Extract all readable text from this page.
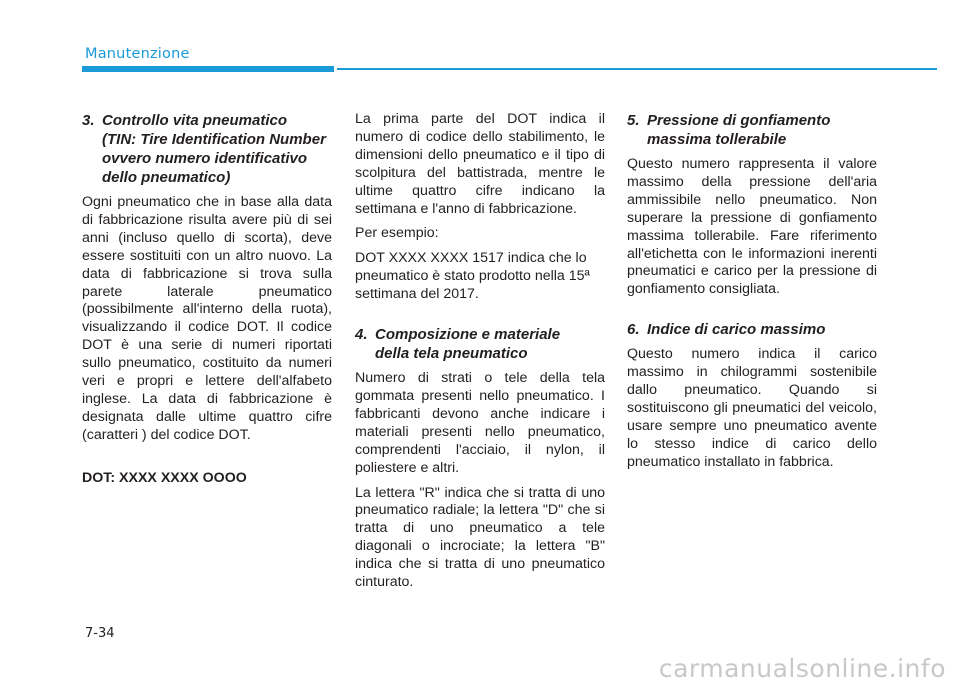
Manutenzione
3. Controllo vita pneumatico
(TIN: Tire Identification Number
ovvero numero identificativo
dello pneumatico)

Ogni pneumatico che in base alla data di fabbricazione risulta avere più di sei anni (incluso quello di scorta), deve essere sostituiti con un altro nuovo. La data di fabbricazione si trova sulla parete laterale pneumatico (possibilmente all'interno della ruota), visualizzando il codice DOT. Il codice DOT è una serie di numeri riportati sullo pneumatico, costituito da numeri veri e propri e lettere dell'alfabeto inglese. La data di fabbricazione è designata dalle ultime quattro cifre (caratteri ) del codice DOT.

DOT: XXXX XXXX OOOO

La prima parte del DOT indica il numero di codice dello stabilimento, le dimensioni dello pneumatico e il tipo di scolpitura del battistrada, mentre le ultime quattro cifre indicano la settimana e l'anno di fabbricazione.

Per esempio:

DOT XXXX XXXX 1517 indica che lo pneumatico è stato prodotto nella 15ª settimana del 2017.

4. Composizione e materiale
della tela pneumatico

Numero di strati o tele della tela gommata presenti nello pneumatico. I fabbricanti devono anche indicare i materiali presenti nello pneumatico, comprendenti l'acciaio, il nylon, il poliestere e altri.

La lettera "R" indica che si tratta di uno pneumatico radiale; la lettera "D" che si tratta di uno pneumatico a tele diagonali o incrociate; la lettera "B" indica che si tratta di uno pneumatico cinturato.

5. Pressione di gonfiamento
massima tollerabile

Questo numero rappresenta il valore massimo della pressione dell'aria ammissibile nello pneumatico. Non superare la pressione di gonfiamento massima tollerabile. Fare riferimento all'etichetta con le informazioni inerenti pneumatici e carico per la pressione di gonfiamento consigliata.

6. Indice di carico massimo

Questo numero indica il carico massimo in chilogrammi sostenibile dallo pneumatico. Quando si sostituiscono gli pneumatici del veicolo, usare sempre uno pneumatico avente lo stesso indice di carico dello pneumatico installato in fabbrica.

7-34
carmanualsonline.info
